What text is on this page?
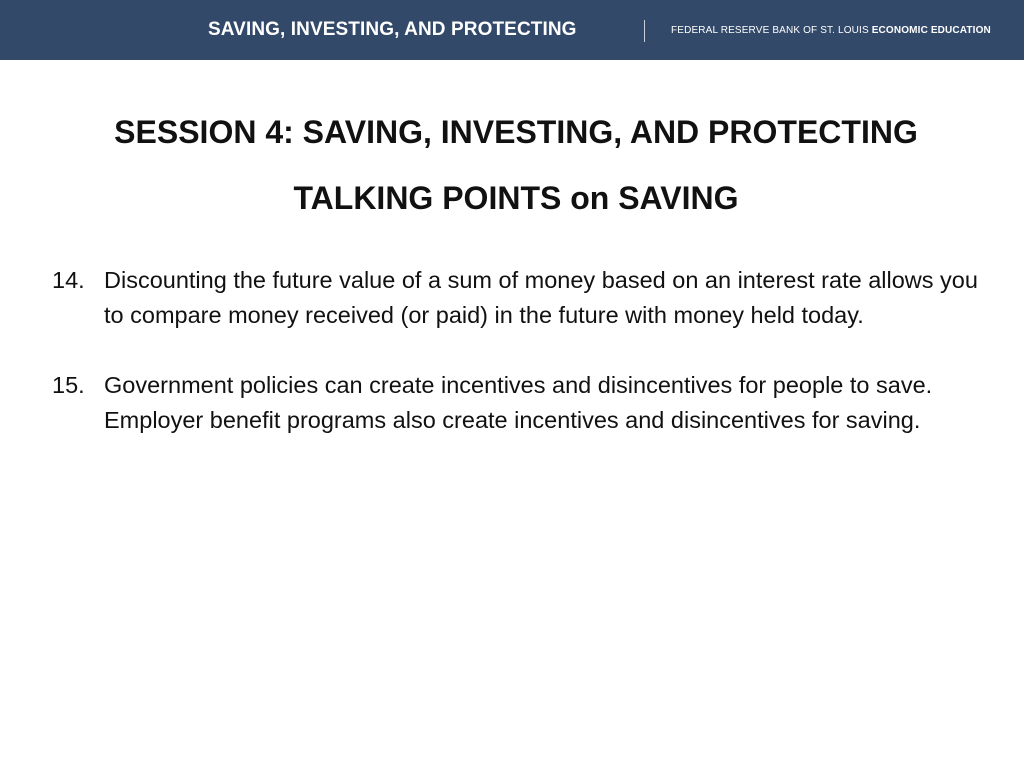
SAVING, INVESTING, AND PROTECTING	FEDERAL RESERVE BANK OF ST. LOUIS ECONOMIC EDUCATION
SESSION 4: SAVING, INVESTING, AND PROTECTING
TALKING POINTS on SAVING
14. Discounting the future value of a sum of money based on an interest rate allows you to compare money received (or paid) in the future with money held today.
15. Government policies can create incentives and disincentives for people to save. Employer benefit programs also create incentives and disincentives for saving.
